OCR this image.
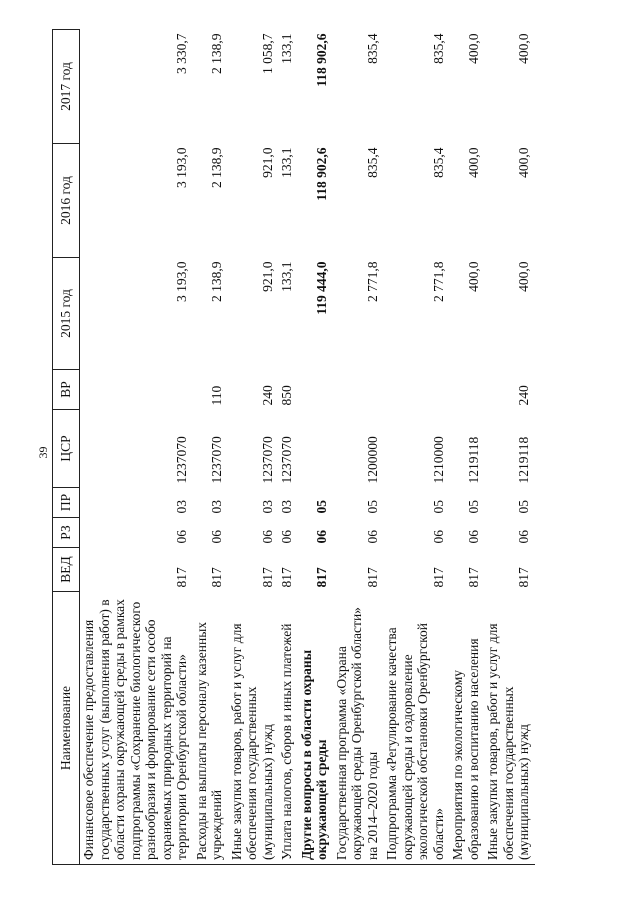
39
Наименование	ВЕД	РЗ	ПР	ЦСР	ВР	2015 год	2016 год	2017 год
Финансовое обеспечение предоставления государственных услуг (выполнения работ) в области охраны окружающей среды в рамках подпрограммы «Сохранение биологического разнообразия и формирование сети особо охраняемых природных территорий на территории Оренбургской области»	817	06	03	1237070		3 193,0	3 193,0	3 330,7
Расходы на выплаты персоналу казенных учреждений	817	06	03	1237070	110	2 138,9	2 138,9	2 138,9
Иные закупки товаров, работ и услуг для обеспечения государственных (муниципальных) нужд	817	06	03	1237070	240	921,0	921,0	1 058,7
Уплата налогов, сборов и иных платежей	817	06	03	1237070	850	133,1	133,1	133,1
Другие вопросы в области охраны окружающей среды	817	06	05			119 444,0	118 902,6	118 902,6
Государственная программа «Охрана окружающей среды Оренбургской области» на 2014–2020 годы	817	06	05	1200000		2 771,8	835,4	835,4
Подпрограмма «Регулирование качества окружающей среды и оздоровление экологической обстановки Оренбургской области»	817	06	05	1210000		2 771,8	835,4	835,4
Мероприятия по экологическому образованию и воспитанию населения	817	06	05	1219118		400,0	400,0	400,0
Иные закупки товаров, работ и услуг для обеспечения государственных (муниципальных) нужд	817	06	05	1219118	240	400,0	400,0	400,0
